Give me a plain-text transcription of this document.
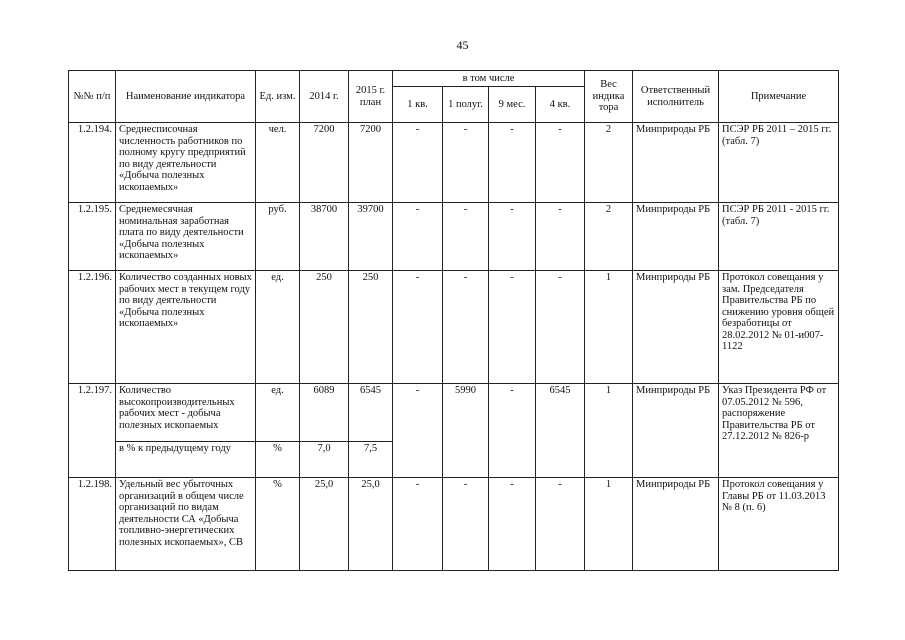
45
№№ п/п	Наименование индикатора	Ед. изм.	2014 г.	2015 г. план	в том числе				Вес индика тора	Ответственный исполнитель	Примечание
					1 кв.	1 полуг.	9 мес.	4 кв.			
1.2.194.	Среднесписочная численность работников по полному кругу предприятий по виду деятельности «Добыча полезных ископаемых»	чел.	7200	7200	-	-	-	-	2	Минприроды РБ	ПСЭР РБ 2011 – 2015 гг. (табл. 7)
1.2.195.	Среднемесячная номинальная заработная плата по виду деятельности «Добыча полезных ископаемых»	руб.	38700	39700	-	-	-	-	2	Минприроды РБ	ПСЭР РБ 2011 - 2015 гг. (табл. 7)
1.2.196.	Количество созданных новых рабочих мест в текущем году по виду деятельности «Добыча полезных ископаемых»	ед.	250	250	-	-	-	-	1	Минприроды РБ	Протокол совещания у зам. Председателя Правительства РБ по снижению уровня общей безработицы от 28.02.2012 № 01-и007-1122
1.2.197.	Количество высокопроизводительных рабочих мест - добыча полезных ископаемых	ед.	6089	6545	-	5990	-	6545	1	Минприроды РБ	Указ Президента РФ от 07.05.2012 № 596, распоряжение Правительства РБ от 27.12.2012 № 826-р
	в % к предыдущему году	%	7,0	7,5							
1.2.198.	Удельный вес убыточных организаций в общем числе организаций по видам деятельности СА «Добыча топливно-энергетических полезных ископаемых», СВ	%	25,0	25,0	-	-	-	-	1	Минприроды РБ	Протокол совещания у Главы РБ от 11.03.2013 № 8 (п. 6)
